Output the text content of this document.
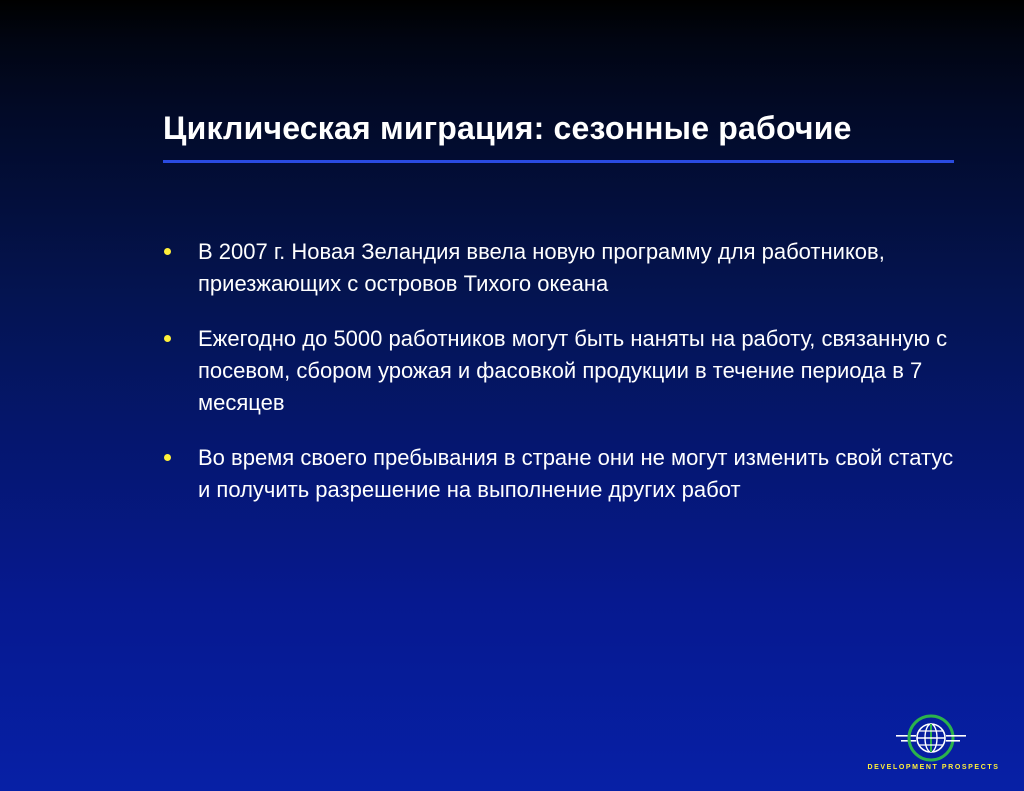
Циклическая миграция: сезонные рабочие
В 2007 г. Новая Зеландия ввела новую программу для работников, приезжающих с островов Тихого океана
Ежегодно до 5000 работников могут быть наняты на работу, связанную с посевом, сбором урожая и фасовкой продукции в течение периода в 7 месяцев
Во время своего пребывания в стране они не могут изменить свой статус и получить разрешение на выполнение других работ
DEVELOPMENT PROSPECTS
